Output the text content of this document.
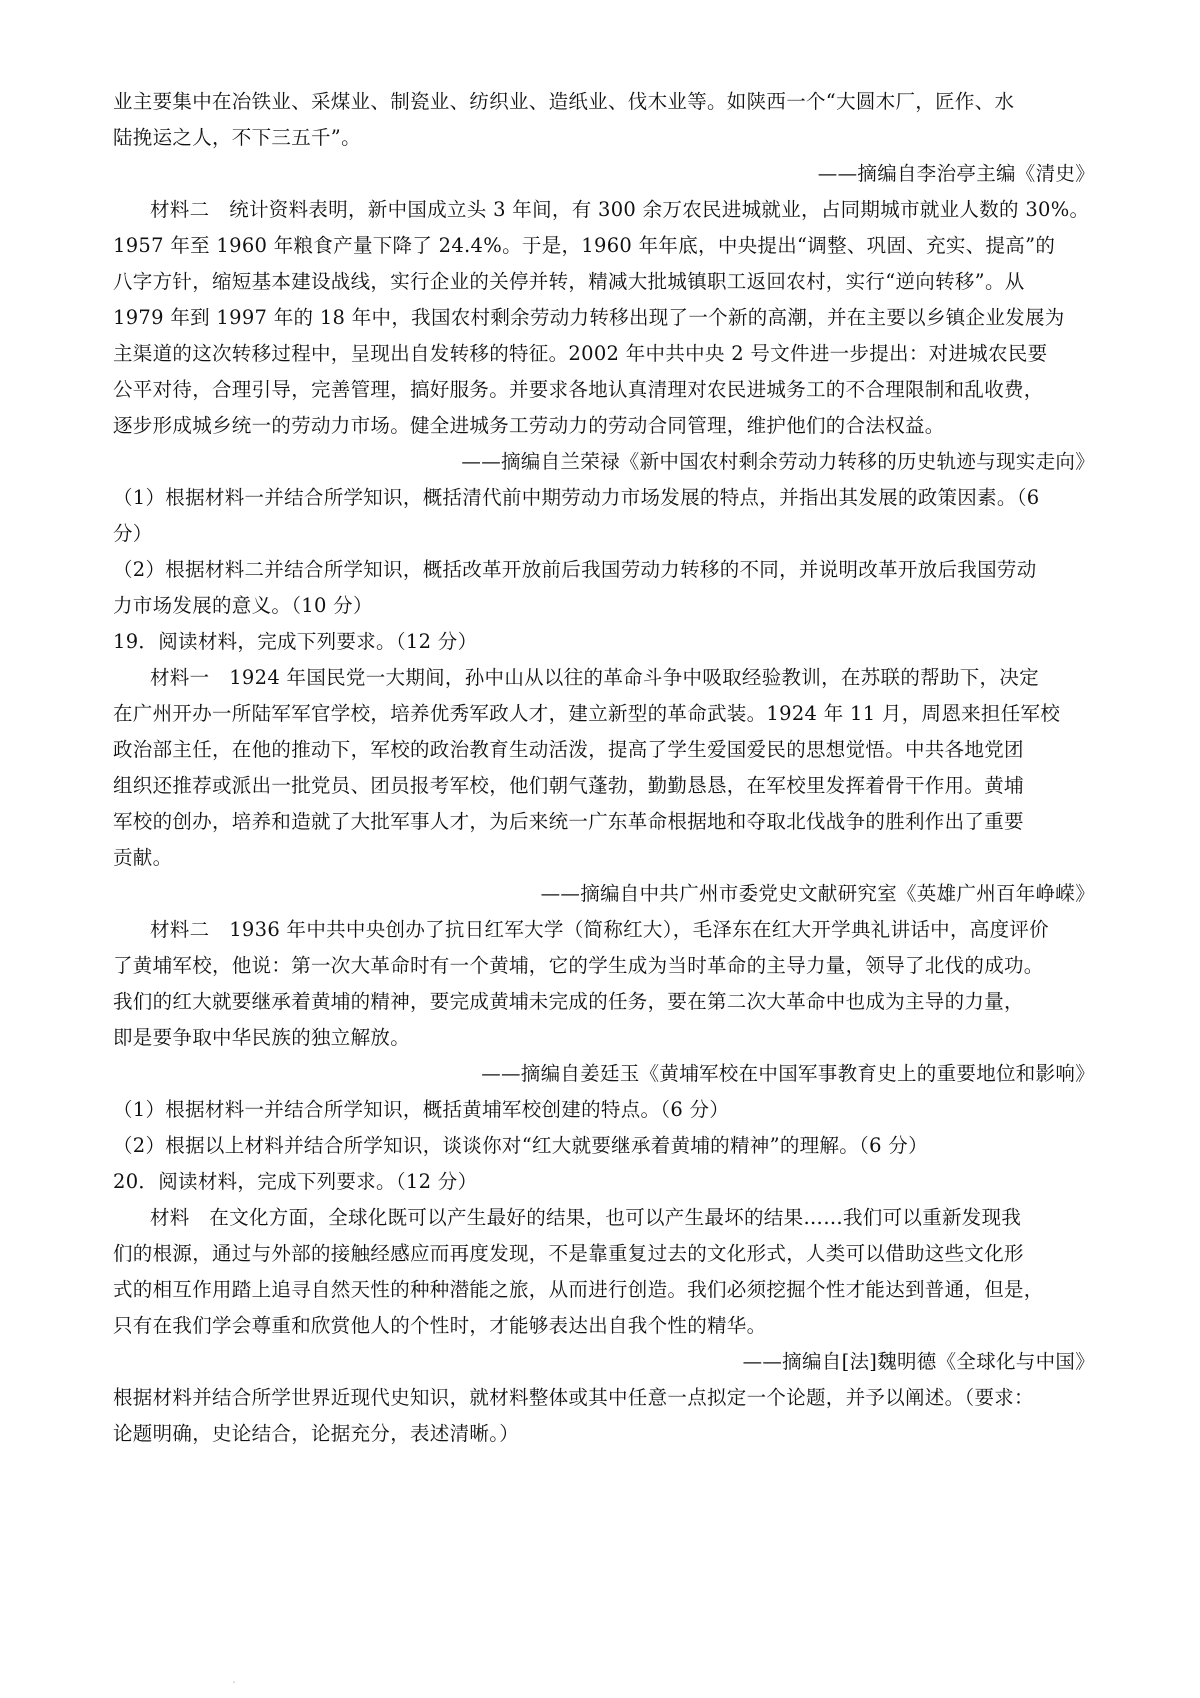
业主要集中在冶铁业、采煤业、制瓷业、纺织业、造纸业、伐木业等。如陕西一个“大圆木厂，匠作、水
陆挽运之人，不下三五千”。
——摘编自李治亭主编《清史》
材料二　统计资料表明，新中国成立头 3 年间，有 300 余万农民进城就业，占同期城市就业人数的 30%。
1957 年至 1960 年粮食产量下降了 24.4%。于是，1960 年年底，中央提出“调整、巩固、充实、提高”的
八字方针，缩短基本建设战线，实行企业的关停并转，精减大批城镇职工返回农村，实行“逆向转移”。从
1979 年到 1997 年的 18 年中，我国农村剩余劳动力转移出现了一个新的高潮，并在主要以乡镇企业发展为
主渠道的这次转移过程中，呈现出自发转移的特征。2002 年中共中央 2 号文件进一步提出：对进城农民要
公平对待，合理引导，完善管理，搞好服务。并要求各地认真清理对农民进城务工的不合理限制和乱收费，
逐步形成城乡统一的劳动力市场。健全进城务工劳动力的劳动合同管理，维护他们的合法权益。
——摘编自兰荣禄《新中国农村剩余劳动力转移的历史轨迹与现实走向》
（1）根据材料一并结合所学知识，概括清代前中期劳动力市场发展的特点，并指出其发展的政策因素。（6
分）
（2）根据材料二并结合所学知识，概括改革开放前后我国劳动力转移的不同，并说明改革开放后我国劳动
力市场发展的意义。（10 分）
19．阅读材料，完成下列要求。（12 分）
材料一　1924 年国民党一大期间，孙中山从以往的革命斗争中吸取经验教训，在苏联的帮助下，决定
在广州开办一所陆军军官学校，培养优秀军政人才，建立新型的革命武装。1924 年 11 月，周恩来担任军校
政治部主任，在他的推动下，军校的政治教育生动活泼，提高了学生爱国爱民的思想觉悟。中共各地党团
组织还推荐或派出一批党员、团员报考军校，他们朝气蓬勃，勤勤恳恳，在军校里发挥着骨干作用。黄埔
军校的创办，培养和造就了大批军事人才，为后来统一广东革命根据地和夺取北伐战争的胜利作出了重要
贡献。
——摘编自中共广州市委党史文献研究室《英雄广州百年峥嵘》
材料二　1936 年中共中央创办了抗日红军大学（简称红大），毛泽东在红大开学典礼讲话中，高度评价
了黄埔军校，他说：第一次大革命时有一个黄埔，它的学生成为当时革命的主导力量，领导了北伐的成功。
我们的红大就要继承着黄埔的精神，要完成黄埔未完成的任务，要在第二次大革命中也成为主导的力量，
即是要争取中华民族的独立解放。
——摘编自姜廷玉《黄埔军校在中国军事教育史上的重要地位和影响》
（1）根据材料一并结合所学知识，概括黄埔军校创建的特点。（6 分）
（2）根据以上材料并结合所学知识，谈谈你对“红大就要继承着黄埔的精神”的理解。（6 分）
20．阅读材料，完成下列要求。（12 分）
材料　在文化方面，全球化既可以产生最好的结果，也可以产生最坏的结果……我们可以重新发现我
们的根源，通过与外部的接触经感应而再度发现，不是靠重复过去的文化形式，人类可以借助这些文化形
式的相互作用踏上追寻自然天性的种种潜能之旅，从而进行创造。我们必须挖掘个性才能达到普通，但是，
只有在我们学会尊重和欣赏他人的个性时，才能够表达出自我个性的精华。
——摘编自[法]魏明德《全球化与中国》
根据材料并结合所学世界近现代史知识，就材料整体或其中任意一点拟定一个论题，并予以阐述。（要求：
论题明确，史论结合，论据充分，表述清晰。）
.
